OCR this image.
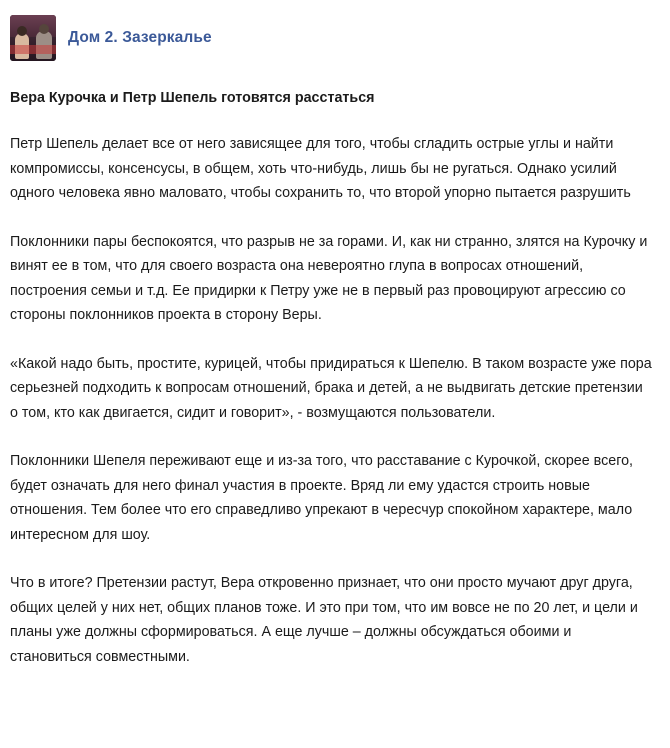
Дом 2. Зазеркалье
Вера Курочка и Петр Шепель готовятся расстаться

Петр Шепель делает все от него зависящее для того, чтобы сгладить острые углы и найти компромиссы, консенсусы, в общем, хоть что-нибудь, лишь бы не ругаться. Однако усилий одного человека явно маловато, чтобы сохранить то, что второй упорно пытается разрушить

Поклонники пары беспокоятся, что разрыв не за горами. И, как ни странно, злятся на Курочку и винят ее в том, что для своего возраста она невероятно глупа в вопросах отношений, построения семьи и т.д. Ее придирки к Петру уже не в первый раз провоцируют агрессию со стороны поклонников проекта в сторону Веры.

«Какой надо быть, простите, курицей, чтобы придираться к Шепелю. В таком возрасте уже пора серьезней подходить к вопросам отношений, брака и детей, а не выдвигать детские претензии о том, кто как двигается, сидит и говорит», - возмущаются пользователи.

Поклонники Шепеля переживают еще и из-за того, что расставание с Курочкой, скорее всего, будет означать для него финал участия в проекте. Вряд ли ему удастся строить новые отношения. Тем более что его справедливо упрекают в чересчур спокойном характере, мало интересном для шоу.

Что в итоге? Претензии растут, Вера откровенно признает, что они просто мучают друг друга, общих целей у них нет, общих планов тоже. И это при том, что им вовсе не по 20 лет, и цели и планы уже должны сформироваться. А еще лучше – должны обсуждаться обоими и становиться совместными.
